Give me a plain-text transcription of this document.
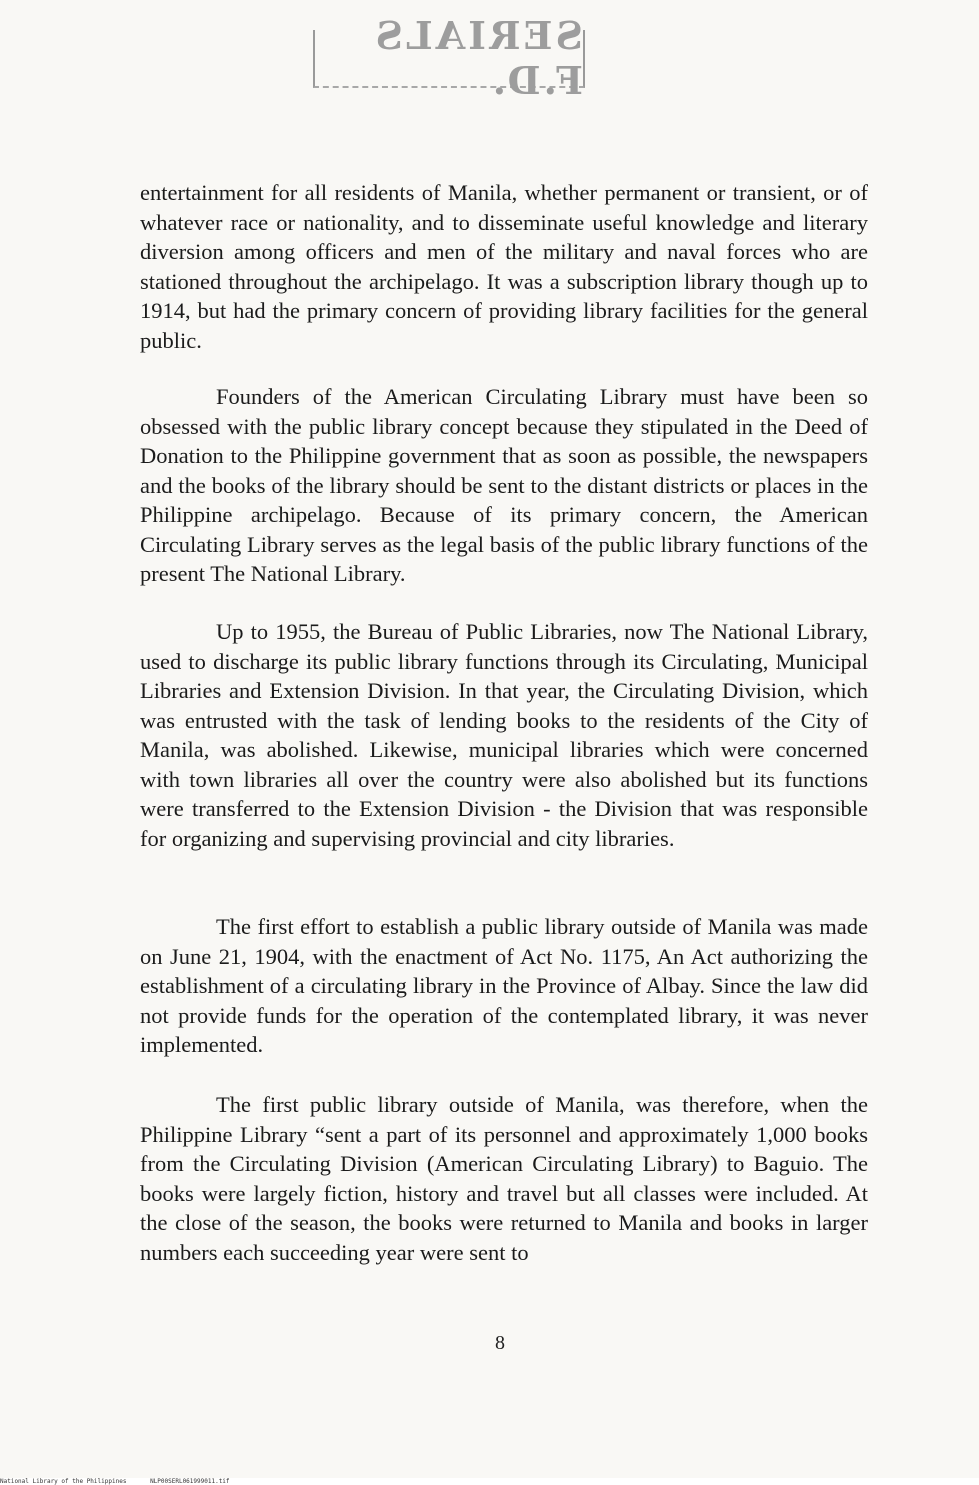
SERIALS F.D.

entertainment for all residents of Manila, whether permanent or transient, or of whatever race or nationality, and to disseminate useful knowledge and literary diversion among officers and men of the military and naval forces who are stationed throughout the archipelago. It was a subscription library though up to 1914, but had the primary concern of providing library facilities for the general public.

Founders of the American Circulating Library must have been so obsessed with the public library concept because they stipulated in the Deed of Donation to the Philippine government that as soon as possible, the newspapers and the books of the library should be sent to the distant districts or places in the Philippine archipelago. Because of its primary concern, the American Circulating Library serves as the legal basis of the public library functions of the present The National Library.

Up to 1955, the Bureau of Public Libraries, now The National Library, used to discharge its public library functions through its Circulating, Municipal Libraries and Extension Division. In that year, the Circulating Division, which was entrusted with the task of lending books to the residents of the City of Manila, was abolished. Likewise, municipal libraries which were concerned with town libraries all over the country were also abolished but its functions were transferred to the Extension Division - the Division that was responsible for organizing and supervising provincial and city libraries.

The first effort to establish a public library outside of Manila was made on June 21, 1904, with the enactment of Act No. 1175, An Act authorizing the establishment of a circulating library in the Province of Albay. Since the law did not provide funds for the operation of the contemplated library, it was never implemented.

The first public library outside of Manila, was therefore, when the Philippine Library “sent a part of its personnel and approximately 1,000 books from the Circulating Division (American Circulating Library) to Baguio. The books were largely fiction, history and travel but all classes were included. At the close of the season, the books were returned to Manila and books in larger numbers each succeeding year were sent to

8
National Library of the Philippines	NLP00SERL061999011.tif
